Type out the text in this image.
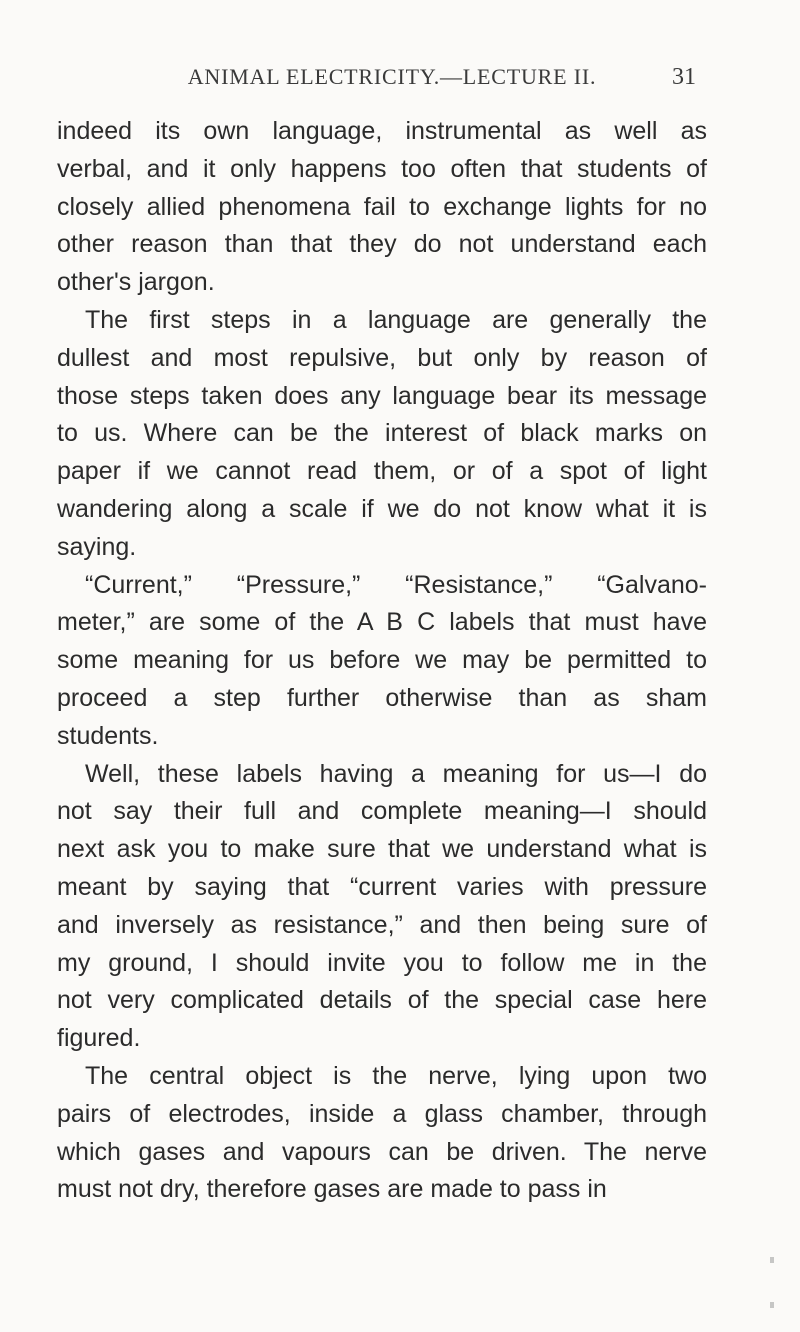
ANIMAL ELECTRICITY.—LECTURE II.	31
indeed its own language, instrumental as well as
verbal, and it only happens too often that students of
closely allied phenomena fail to exchange lights for no
other reason than that they do not understand each
other's jargon.
The first steps in a language are generally the
dullest and most repulsive, but only by reason of
those steps taken does any language bear its message
to us. Where can be the interest of black marks on
paper if we cannot read them, or of a spot of light
wandering along a scale if we do not know what it is
saying.
“Current,” “Pressure,” “Resistance,” “Galvano-
meter,” are some of the A B C labels that must have
some meaning for us before we may be permitted to
proceed a step further otherwise than as sham
students.
Well, these labels having a meaning for us—I do
not say their full and complete meaning—I should
next ask you to make sure that we understand what is
meant by saying that “current varies with pressure
and inversely as resistance,” and then being sure of
my ground, I should invite you to follow me in the
not very complicated details of the special case here
figured.
The central object is the nerve, lying upon two
pairs of electrodes, inside a glass chamber, through
which gases and vapours can be driven. The nerve
must not dry, therefore gases are made to pass in
